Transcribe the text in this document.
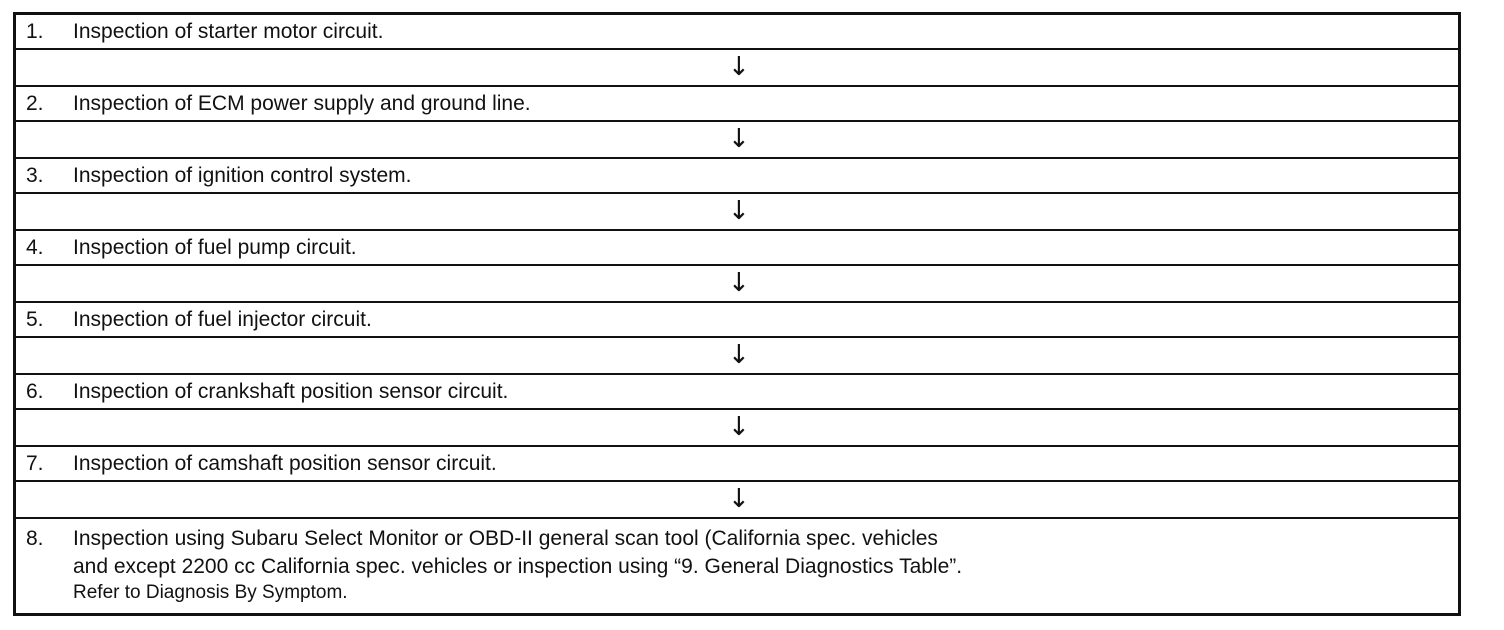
1. Inspection of starter motor circuit.
↓
2. Inspection of ECM power supply and ground line.
↓
3. Inspection of ignition control system.
↓
4. Inspection of fuel pump circuit.
↓
5. Inspection of fuel injector circuit.
↓
6. Inspection of crankshaft position sensor circuit.
↓
7. Inspection of camshaft position sensor circuit.
↓
8. Inspection using Subaru Select Monitor or OBD-II general scan tool (California spec. vehicles
and except 2200 cc California spec. vehicles or inspection using “9. General Diagnostics Table”.
Refer to Diagnosis By Symptom.
